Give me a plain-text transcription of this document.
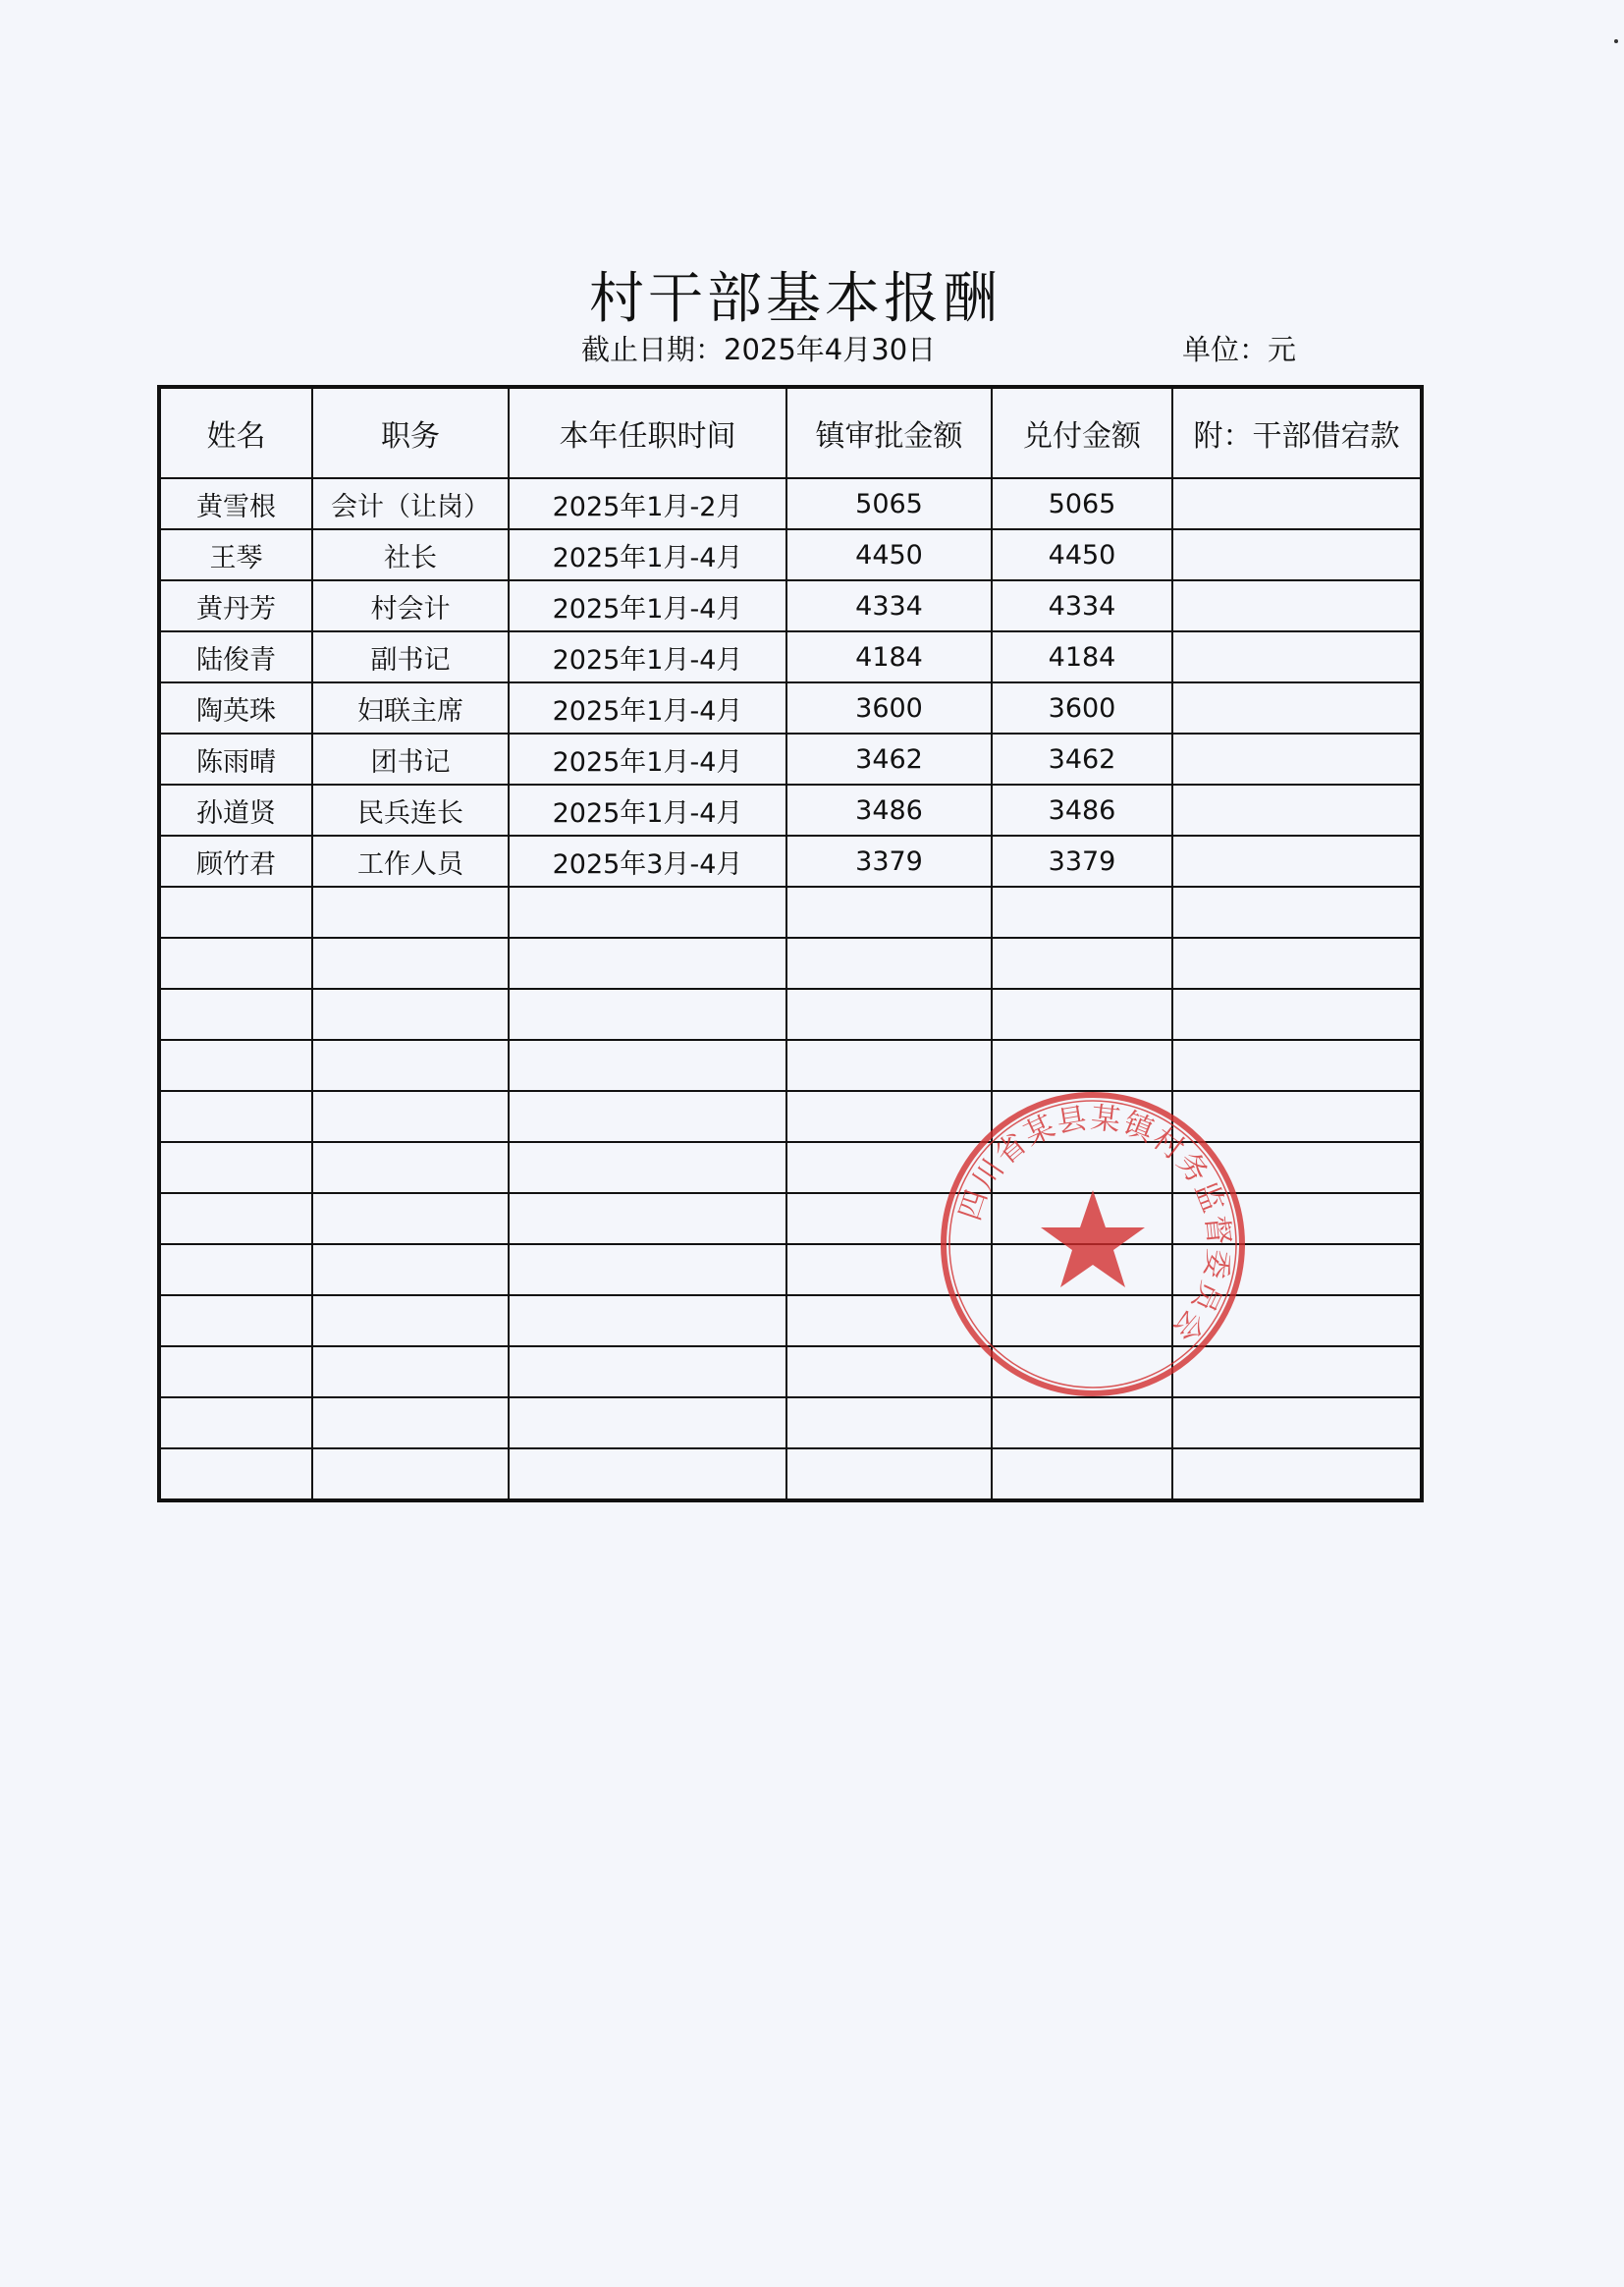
村干部基本报酬
截止日期：2025年4月30日	单位：元
姓名	职务	本年任职时间	镇审批金额	兑付金额	附：干部借宕款
黄雪根	会计（让岗）	2025年1月-2月	5065	5065	
王琴	社长	2025年1月-4月	4450	4450	
黄丹芳	村会计	2025年1月-4月	4334	4334	
陆俊青	副书记	2025年1月-4月	4184	4184	
陶英珠	妇联主席	2025年1月-4月	3600	3600	
陈雨晴	团书记	2025年1月-4月	3462	3462	
孙道贤	民兵连长	2025年1月-4月	3486	3486	
顾竹君	工作人员	2025年3月-4月	3379	3379	

四川省某县某镇村务监督委员会
